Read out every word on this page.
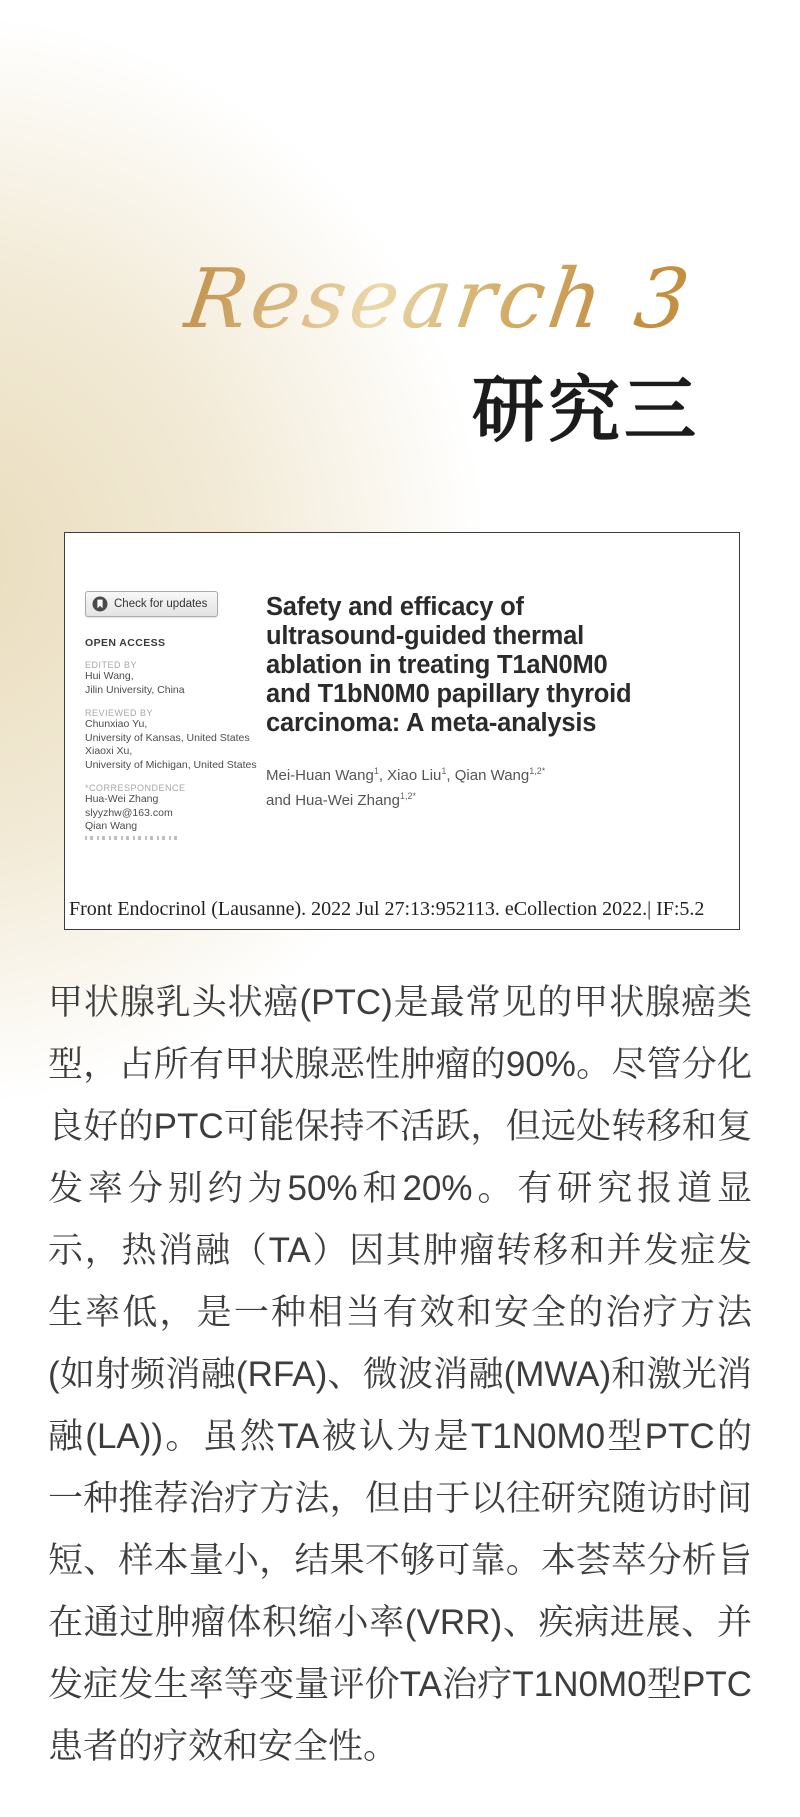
Research 3
研究三
Check for updates
OPEN ACCESS
EDITED BY
Hui Wang,
Jilin University, China
REVIEWED BY
Chunxiao Yu,
University of Kansas, United States
Xiaoxi Xu,
University of Michigan, United States
*CORRESPONDENCE
Hua-Wei Zhang
slyyzhw@163.com
Qian Wang
Safety and efficacy of
ultrasound-guided thermal
ablation in treating T1aN0M0
and T1bN0M0 papillary thyroid
carcinoma: A meta-analysis
Mei-Huan Wang$^1$, Xiao Liu$^1$, Qian Wang$^{1,2*}$
and Hua-Wei Zhang$^{1,2*}$
Front Endocrinol (Lausanne). 2022 Jul 27:13:952113. eCollection 2022.| IF:5.2
甲状腺乳头状癌(PTC)是最常见的甲状腺癌类
型，占所有甲状腺恶性肿瘤的90%。尽管分化
良好的PTC可能保持不活跃，但远处转移和复
发率分别约为50%和20%。有研究报道显
示，热消融（TA）因其肿瘤转移和并发症发
生率低，是一种相当有效和安全的治疗方法
(如射频消融(RFA)、微波消融(MWA)和激光消
融(LA))。虽然TA被认为是T1N0M0型PTC的
一种推荐治疗方法，但由于以往研究随访时间
短、样本量小，结果不够可靠。本荟萃分析旨
在通过肿瘤体积缩小率(VRR)、疾病进展、并
发症发生率等变量评价TA治疗T1N0M0型PTC
患者的疗效和安全性。
